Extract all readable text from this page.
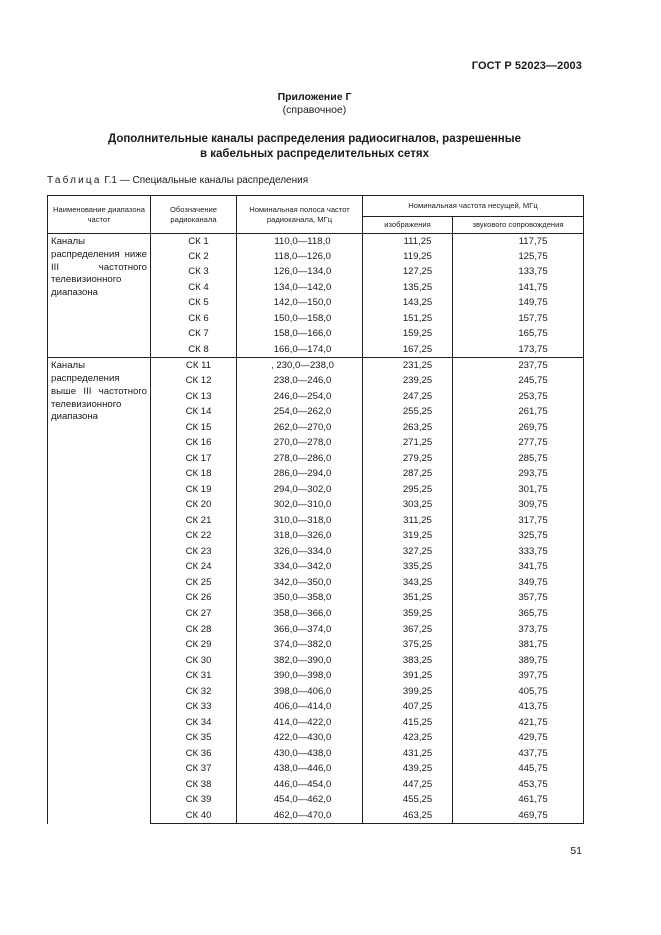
ГОСТ Р 52023—2003
Приложение Г
(справочное)
Дополнительные каналы распределения радиосигналов, разрешенные
в кабельных распределительных сетях
Таблица Г.1 — Специальные каналы распределения
Наименование диапазона частот	Обозначение радиоканала	Номинальная полоса частот радиоканала, МГц	Номинальная частота несущей, МГц	
			изображения	звукового сопровождения
Каналы распределения ниже III частотного телевизионного диапазона	СК 1	110,0—118,0	111,25	117,75
	СК 2	118,0—126,0	119,25	125,75
	СК 3	126,0—134,0	127,25	133,75
	СК 4	134,0—142,0	135,25	141,75
	СК 5	142,0—150,0	143,25	149,75
	СК 6	150,0—158,0	151,25	157,75
	СК 7	158,0—166,0	159,25	165,75
	СК 8	166,0—174,0	167,25	173,75
Каналы распределения выше III частотного телевизионного диапазона	СК 11	, 230,0—238,0	231,25	237,75
	СК 12	238,0—246,0	239,25	245,75
	СК 13	246,0—254,0	247,25	253,75
	СК 14	254,0—262,0	255,25	261,75
	СК 15	262,0—270,0	263,25	269,75
	СК 16	270,0—278,0	271,25	277,75
	СК 17	278,0—286,0	279,25	285,75
	СК 18	286,0—294,0	287,25	293,75
	СК 19	294,0—302,0	295,25	301,75
	СК 20	302,0—310,0	303,25	309,75
	СК 21	310,0—318,0	311,25	317,75
	СК 22	318,0—326,0	319,25	325,75
	СК 23	326,0—334,0	327,25	333,75
	СК 24	334,0—342,0	335,25	341,75
	СК 25	342,0—350,0	343,25	349,75
	СК 26	350,0—358,0	351,25	357,75
	СК 27	358,0—366,0	359,25	365,75
	СК 28	366,0—374,0	367,25	373,75
	СК 29	374,0—382,0	375,25	381,75
	СК 30	382,0—390,0	383,25	389,75
	СК 31	390,0—398,0	391,25	397,75
	СК 32	398,0—406,0	399,25	405,75
	СК 33	406,0—414,0	407,25	413,75
	СК 34	414,0—422,0	415,25	421,75
	СК 35	422,0—430,0	423,25	429,75
	СК 36	430,0—438,0	431,25	437,75
	СК 37	438,0—446,0	439,25	445,75
	СК 38	446,0—454,0	447,25	453,75
	СК 39	454,0—462,0	455,25	461,75
	СК 40	462,0—470,0	463,25	469,75
51
